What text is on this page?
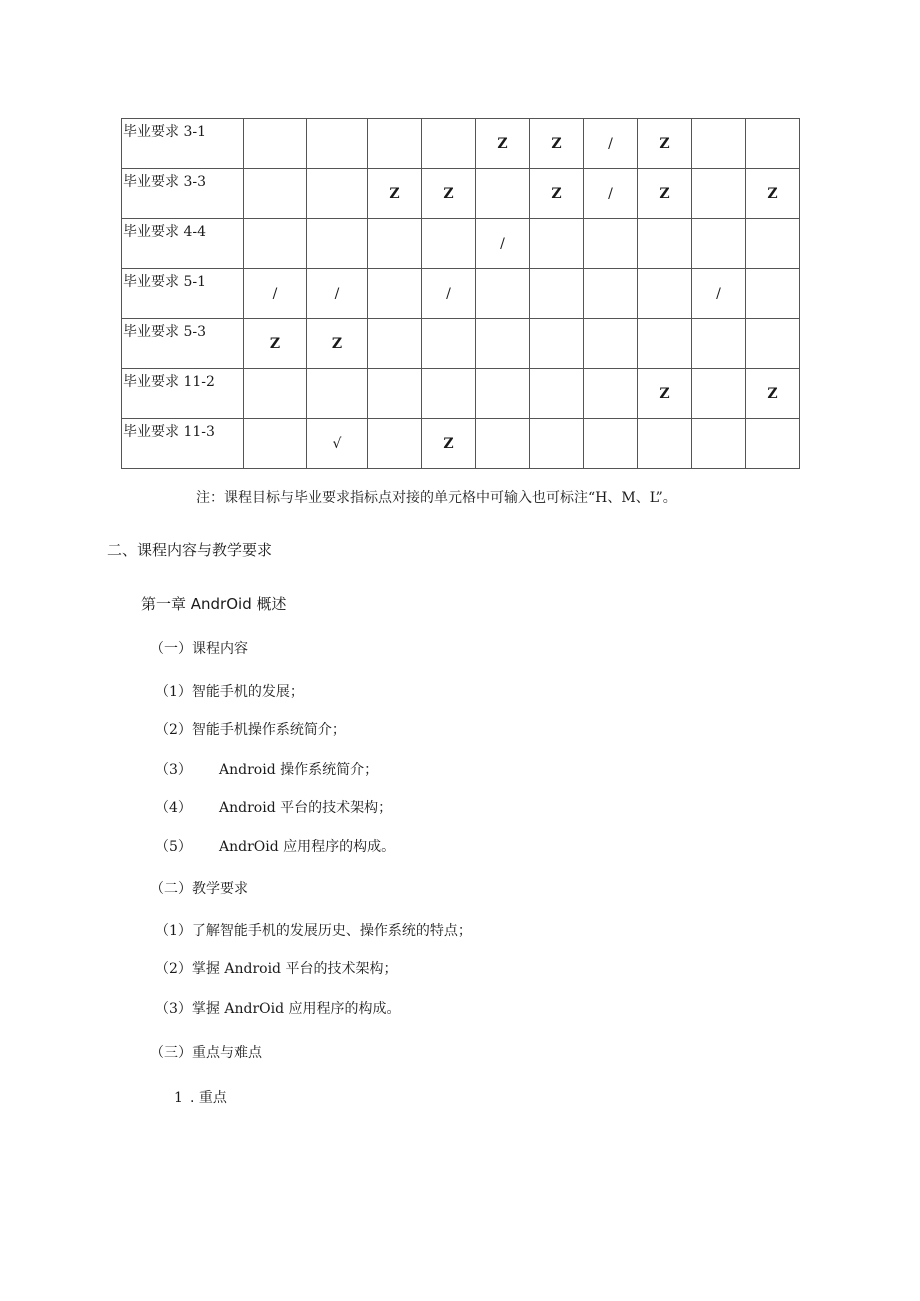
毕业要求 3-1					Z	Z	/	Z		
毕业要求 3-3			Z	Z		Z	/	Z		Z
毕业要求 4-4					/					
毕业要求 5-1	/	/		/					/	
毕业要求 5-3	Z	Z								
毕业要求 11-2								Z		Z
毕业要求 11-3		√		Z						
注：课程目标与毕业要求指标点对接的单元格中可输入也可标注“H、M、L”。
二、课程内容与教学要求
第一章 AndrOid 概述
（一）课程内容
（1）智能手机的发展；
（2）智能手机操作系统简介；
（3） Android 操作系统简介；
（4） Android 平台的技术架构；
（5） AndrOid 应用程序的构成。
（二）教学要求
（1）了解智能手机的发展历史、操作系统的特点；
（2）掌握 Android 平台的技术架构；
（3）掌握 AndrOid 应用程序的构成。
（三）重点与难点
1 . 重点
